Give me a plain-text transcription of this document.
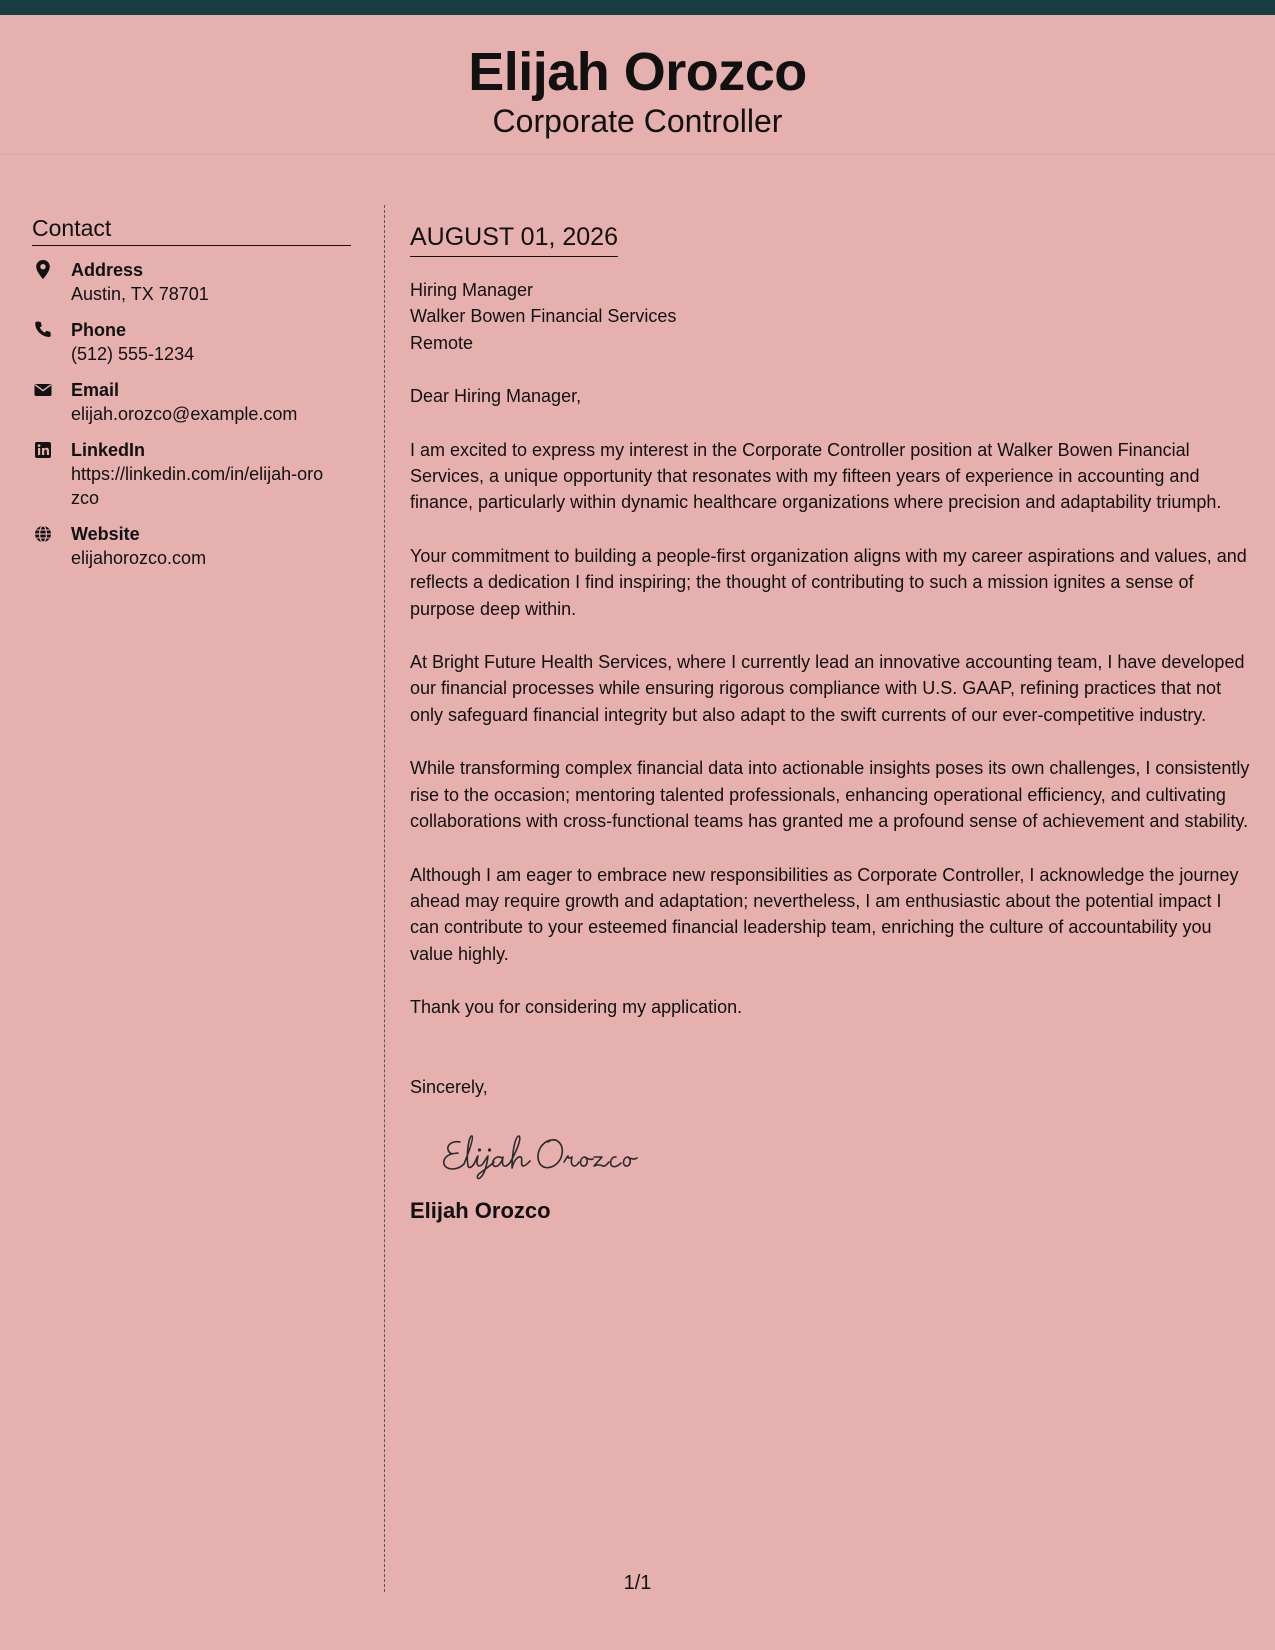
Elijah Orozco
Corporate Controller
Contact
Address
Austin, TX 78701
Phone
(512) 555-1234
Email
elijah.orozco@example.com
LinkedIn
https://linkedin.com/in/elijah-orozco
Website
elijahorozco.com
AUGUST 01, 2026
Hiring Manager
Walker Bowen Financial Services
Remote
Dear Hiring Manager,
I am excited to express my interest in the Corporate Controller position at Walker Bowen Financial Services, a unique opportunity that resonates with my fifteen years of experience in accounting and finance, particularly within dynamic healthcare organizations where precision and adaptability triumph.
Your commitment to building a people-first organization aligns with my career aspirations and values, and reflects a dedication I find inspiring; the thought of contributing to such a mission ignites a sense of purpose deep within.
At Bright Future Health Services, where I currently lead an innovative accounting team, I have developed our financial processes while ensuring rigorous compliance with U.S. GAAP, refining practices that not only safeguard financial integrity but also adapt to the swift currents of our ever-competitive industry.
While transforming complex financial data into actionable insights poses its own challenges, I consistently rise to the occasion; mentoring talented professionals, enhancing operational efficiency, and cultivating collaborations with cross-functional teams has granted me a profound sense of achievement and stability.
Although I am eager to embrace new responsibilities as Corporate Controller, I acknowledge the journey ahead may require growth and adaptation; nevertheless, I am enthusiastic about the potential impact I can contribute to your esteemed financial leadership team, enriching the culture of accountability you value highly.
Thank you for considering my application.
Sincerely,
Elijah Orozco
1/1
